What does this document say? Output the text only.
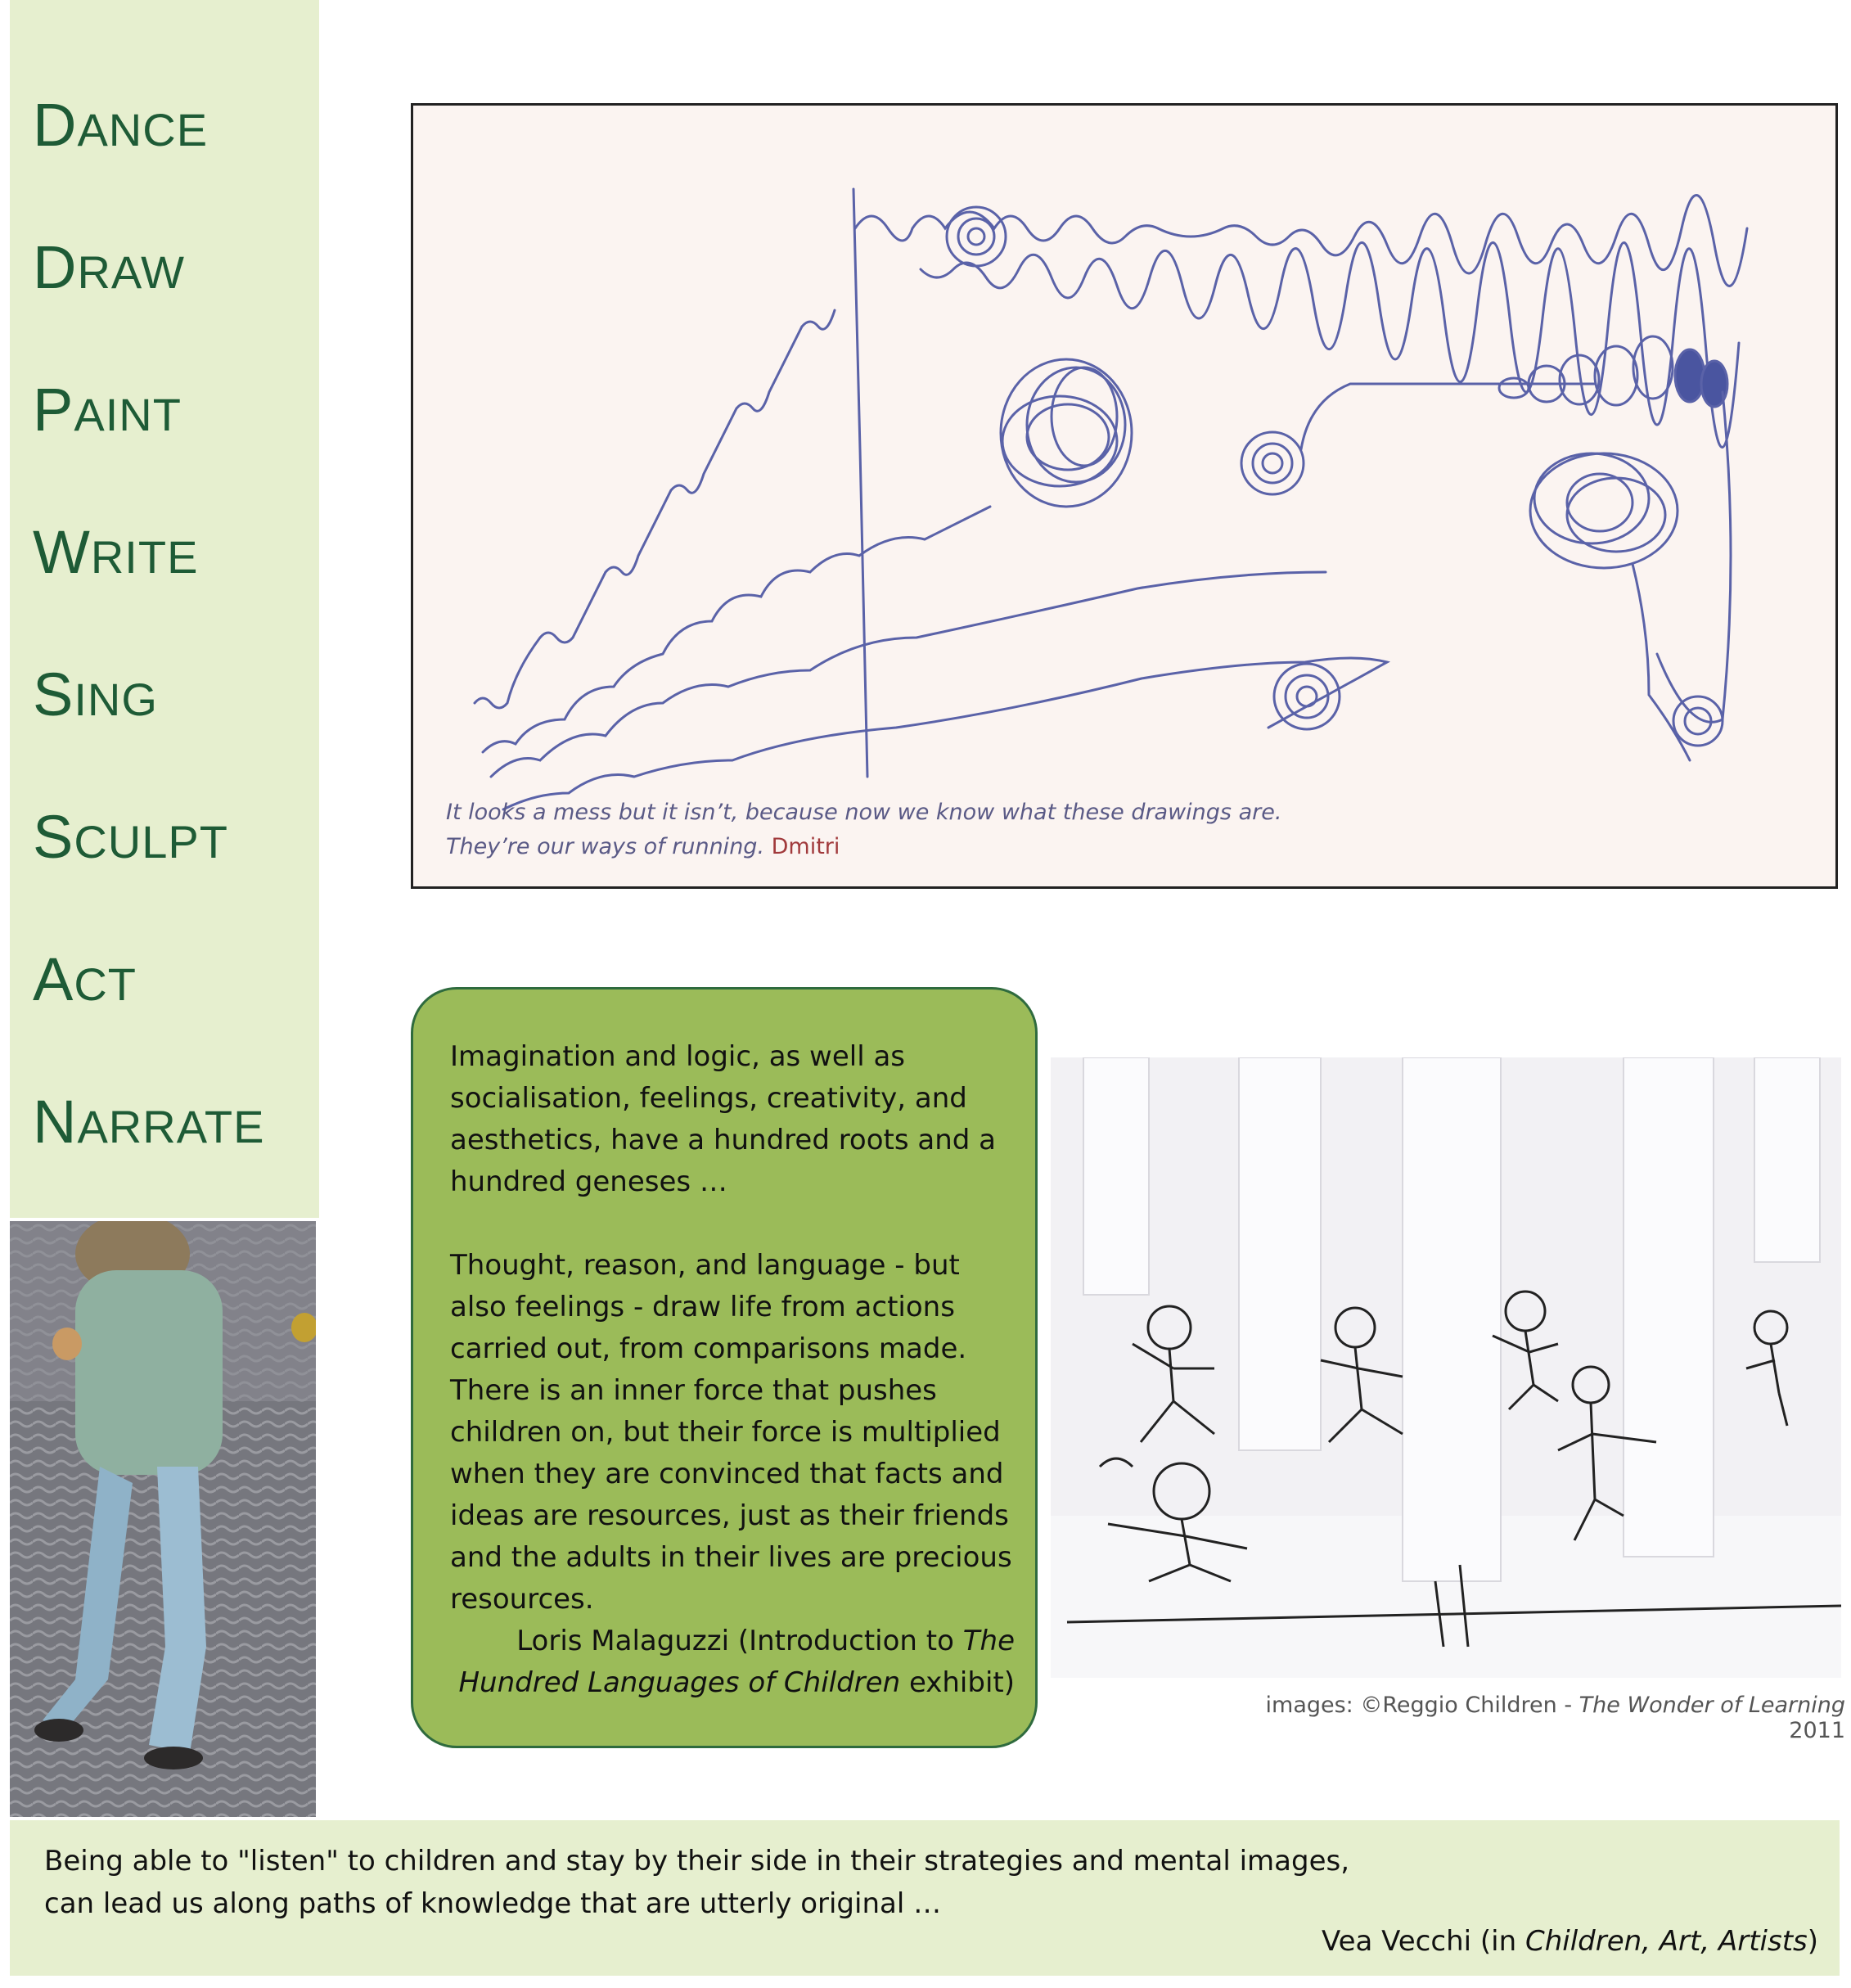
DANCE
DRAW
PAINT
WRITE
SING
SCULPT
ACT
NARRATE
It looks a mess but it isn’t, because now we know what these drawings are.
They’re our ways of running. Dmitri

Imagination and logic, as well as socialisation, feelings, creativity, and aesthetics, have a hundred roots and a hundred geneses …

Thought, reason, and language - but also feelings - draw life from actions carried out, from comparisons made. There is an inner force that pushes children on, but their force is multiplied when they are convinced that facts and ideas are resources, just as their friends and the adults in their lives are precious resources.

Loris Malaguzzi (Introduction to The Hundred Languages of Children exhibit)

images: ©Reggio Children - The Wonder of Learning 2011
Being able to "listen" to children and stay by their side in their strategies and mental images,
can lead us along paths of knowledge that are utterly original …
Vea Vecchi (in Children, Art, Artists)
